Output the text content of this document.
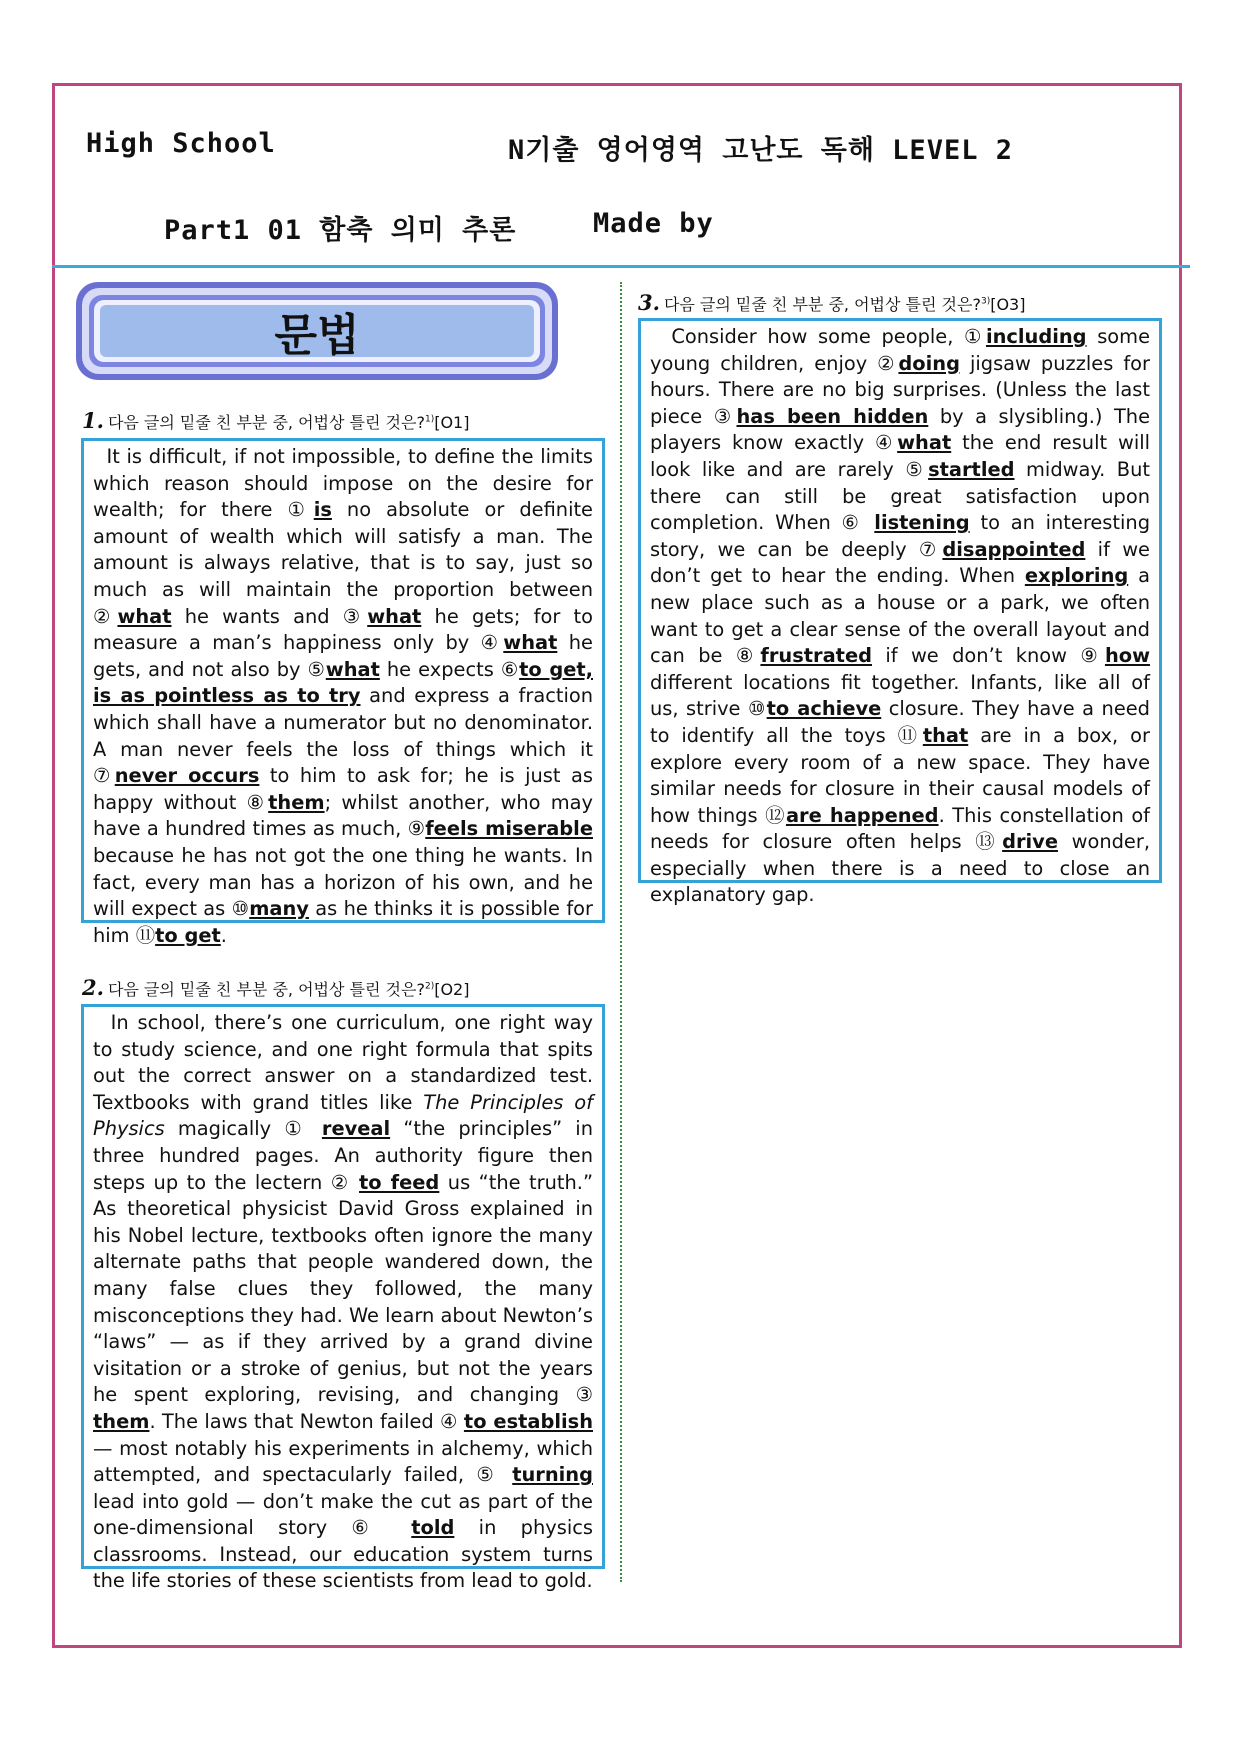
High School	N기출 영어영역 고난도 독해 LEVEL 2
Part1 01 함축 의미 추론	Made by
문법
1. 다음 글의 밑줄 친 부분 중, 어법상 틀린 것은?$^{1)}$[O1]
It is difficult, if not impossible, to define the limits which reason should impose on the desire for wealth; for there ①is no absolute or definite amount of wealth which will satisfy a man. The amount is always relative, that is to say, just so much as will maintain the proportion between ②what he wants and ③what he gets; for to measure a man’s happiness only by ④what he gets, and not also by ⑤what he expects ⑥to get, is as pointless as to try and express a fraction which shall have a numerator but no denominator. A man never feels the loss of things which it ⑦never occurs to him to ask for; he is just as happy without ⑧them; whilst another, who may have a hundred times as much, ⑨feels miserable because he has not got the one thing he wants. In fact, every man has a horizon of his own, and he will expect as ⑩many as he thinks it is possible for him ⑪to get.
2. 다음 글의 밑줄 친 부분 중, 어법상 틀린 것은?$^{2)}$[O2]
In school, there’s one curriculum, one right way to study science, and one right formula that spits out the correct answer on a standardized test. Textbooks with grand titles like The Principles of Physics magically ① reveal “the principles” in three hundred pages. An authority figure then steps up to the lectern ② to feed us “the truth.” As theoretical physicist David Gross explained in his Nobel lecture, textbooks often ignore the many alternate paths that people wandered down, the many false clues they followed, the many misconceptions they had. We learn about Newton’s “laws” — as if they arrived by a grand divine visitation or a stroke of genius, but not the years he spent exploring, revising, and changing ③ them. The laws that Newton failed ④ to establish — most notably his experiments in alchemy, which attempted, and spectacularly failed, ⑤ turning lead into gold — don’t make the cut as part of the one-dimensional story ⑥ told in physics classrooms. Instead, our education system turns the life stories of these scientists from lead to gold.
3. 다음 글의 밑줄 친 부분 중, 어법상 틀린 것은?$^{3)}$[O3]
Consider how some people, ①including some young children, enjoy ②doing jigsaw puzzles for hours. There are no big surprises. (Unless the last piece ③has been hidden by a slysibling.) The players know exactly ④what the end result will look like and are rarely ⑤startled midway. But there can still be great satisfaction upon completion. When ⑥ listening to an interesting story, we can be deeply ⑦disappointed if we don’t get to hear the ending. When exploring a new place such as a house or a park, we often want to get a clear sense of the overall layout and can be ⑧frustrated if we don’t know ⑨how different locations fit together. Infants, like all of us, strive ⑩to achieve closure. They have a need to identify all the toys ⑪that are in a box, or explore every room of a new space. They have similar needs for closure in their causal models of how things ⑫are happened. This constellation of needs for closure often helps ⑬drive wonder, especially when there is a need to close an explanatory gap.
